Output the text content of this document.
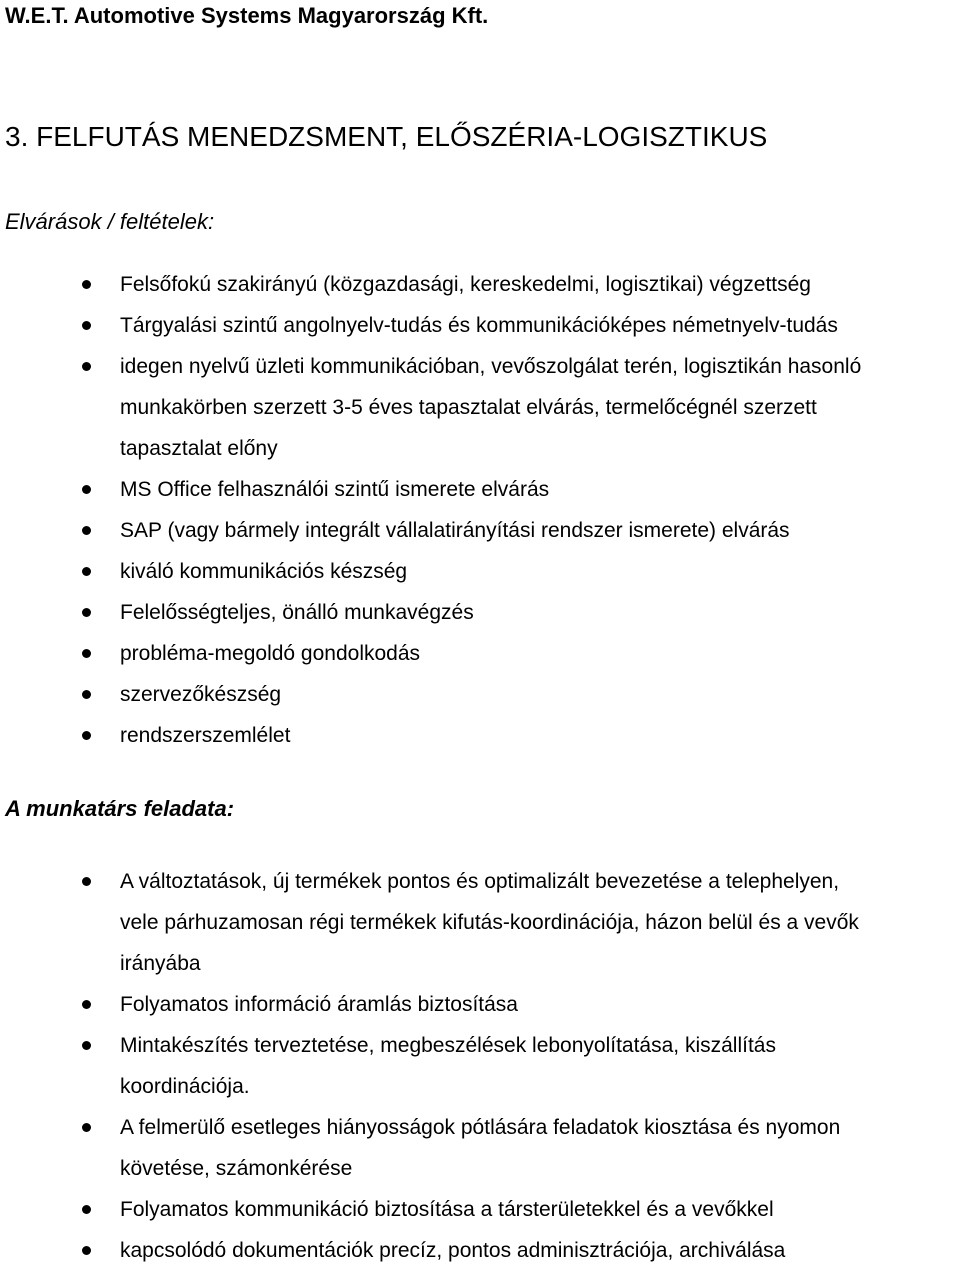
W.E.T. Automotive Systems Magyarország Kft.
3. FELFUTÁS MENEDZSMENT, ELŐSZÉRIA-LOGISZTIKUS
Elvárások / feltételek:
Felsőfokú szakirányú (közgazdasági, kereskedelmi, logisztikai) végzettség
Tárgyalási szintű angolnyelv-tudás és kommunikációképes németnyelv-tudás
idegen nyelvű üzleti kommunikációban, vevőszolgálat terén, logisztikán hasonló
munkakörben szerzett 3-5 éves tapasztalat elvárás, termelőcégnél szerzett
tapasztalat előny
MS Office felhasználói szintű ismerete elvárás
SAP (vagy bármely integrált vállalatirányítási rendszer ismerete) elvárás
kiváló kommunikációs készség
Felelősségteljes, önálló munkavégzés
probléma-megoldó gondolkodás
szervezőkészség
rendszerszemlélet
A munkatárs feladata:
A változtatások, új termékek pontos és optimalizált bevezetése a telephelyen,
vele párhuzamosan régi termékek kifutás-koordinációja, házon belül és a vevők
irányába
Folyamatos információ áramlás biztosítása
Mintakészítés terveztetése, megbeszélések lebonyolítatása, kiszállítás
koordinációja.
A felmerülő esetleges hiányosságok pótlására feladatok kiosztása és nyomon
követése, számonkérése
Folyamatos kommunikáció biztosítása a társterületekkel és a vevőkkel
kapcsolódó dokumentációk precíz, pontos adminisztrációja, archiválása
